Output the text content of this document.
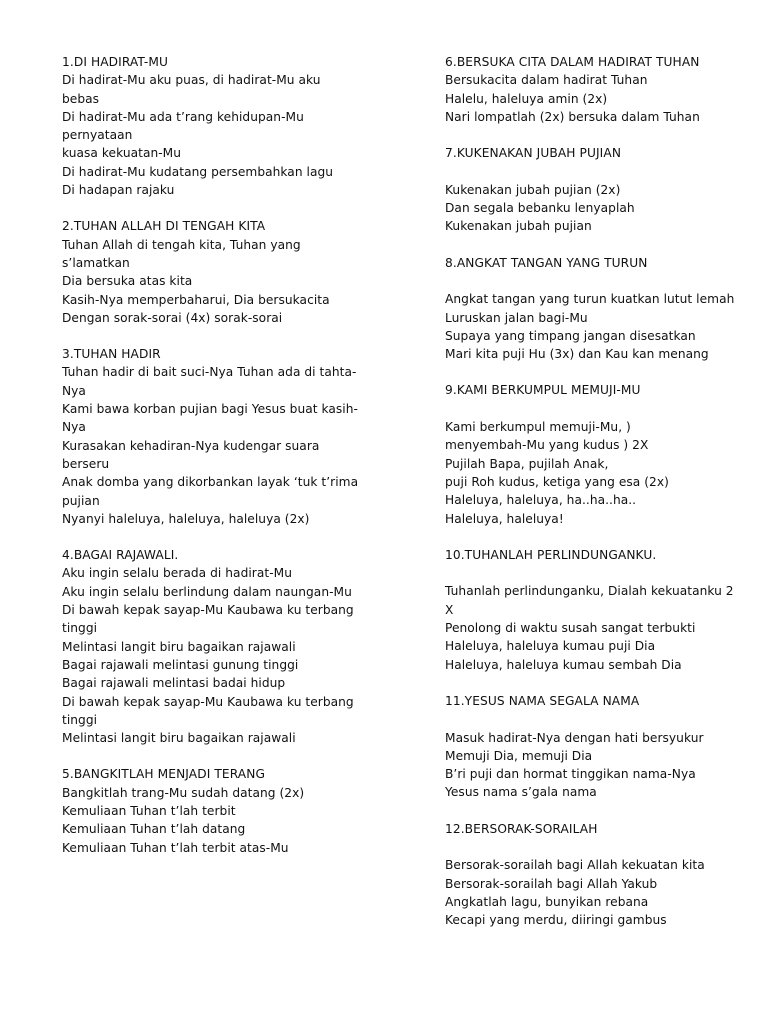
1.DI HADIRAT-MU
Di hadirat-Mu aku puas, di hadirat-Mu aku
bebas
Di hadirat-Mu ada t’rang kehidupan-Mu
pernyataan
kuasa kekuatan-Mu
Di hadirat-Mu kudatang persembahkan lagu
Di hadapan rajaku
2.TUHAN ALLAH DI TENGAH KITA
Tuhan Allah di tengah kita, Tuhan yang
s’lamatkan
Dia bersuka atas kita
Kasih-Nya memperbaharui, Dia bersukacita
Dengan sorak-sorai (4x) sorak-sorai
3.TUHAN HADIR
Tuhan hadir di bait suci-Nya Tuhan ada di tahta-
Nya
Kami bawa korban pujian bagi Yesus buat kasih-
Nya
Kurasakan kehadiran-Nya kudengar suara
berseru
Anak domba yang dikorbankan layak ‘tuk t’rima
pujian
Nyanyi haleluya, haleluya, haleluya (2x)
4.BAGAI RAJAWALI.
Aku ingin selalu berada di hadirat-Mu
Aku ingin selalu berlindung dalam naungan-Mu
Di bawah kepak sayap-Mu Kaubawa ku terbang
tinggi
Melintasi langit biru bagaikan rajawali
Bagai rajawali melintasi gunung tinggi
Bagai rajawali melintasi badai hidup
Di bawah kepak sayap-Mu Kaubawa ku terbang
tinggi
Melintasi langit biru bagaikan rajawali
5.BANGKITLAH MENJADI TERANG
Bangkitlah trang-Mu sudah datang (2x)
Kemuliaan Tuhan t’lah terbit
Kemuliaan Tuhan t’lah datang
Kemuliaan Tuhan t’lah terbit atas-Mu
6.BERSUKA CITA DALAM HADIRAT TUHAN
Bersukacita dalam hadirat Tuhan
Halelu, haleluya amin (2x)
Nari lompatlah (2x) bersuka dalam Tuhan
7.KUKENAKAN JUBAH PUJIAN
Kukenakan jubah pujian (2x)
Dan segala bebanku lenyaplah
Kukenakan jubah pujian
8.ANGKAT TANGAN YANG TURUN
Angkat tangan yang turun kuatkan lutut lemah
Luruskan jalan bagi-Mu
Supaya yang timpang jangan disesatkan
Mari kita puji Hu (3x) dan Kau kan menang
9.KAMI BERKUMPUL MEMUJI-MU
Kami berkumpul memuji-Mu, )
menyembah-Mu yang kudus ) 2X
Pujilah Bapa, pujilah Anak,
puji Roh kudus, ketiga yang esa (2x)
Haleluya, haleluya, ha..ha..ha..
Haleluya, haleluya!
10.TUHANLAH PERLINDUNGANKU.
Tuhanlah perlindunganku, Dialah kekuatanku 2
X
Penolong di waktu susah sangat terbukti
Haleluya, haleluya kumau puji Dia
Haleluya, haleluya kumau sembah Dia
11.YESUS NAMA SEGALA NAMA
Masuk hadirat-Nya dengan hati bersyukur
Memuji Dia, memuji Dia
B’ri puji dan hormat tinggikan nama-Nya
Yesus nama s’gala nama
12.BERSORAK-SORAILAH
Bersorak-sorailah bagi Allah kekuatan kita
Bersorak-sorailah bagi Allah Yakub
Angkatlah lagu, bunyikan rebana
Kecapi yang merdu, diiringi gambus
